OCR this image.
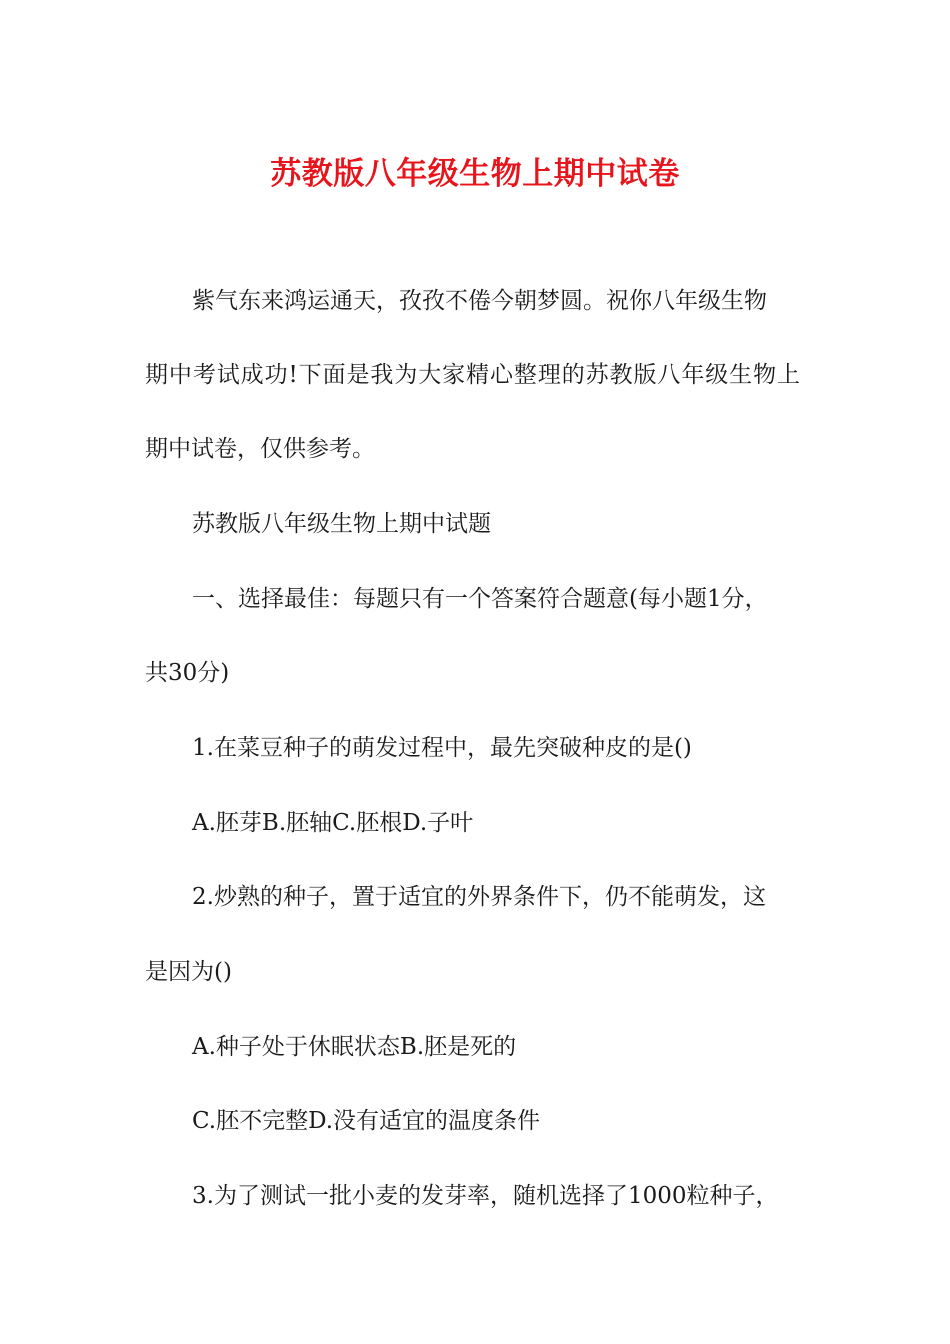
苏教版八年级生物上期中试卷

紫气东来鸿运通天，孜孜不倦今朝梦圆。祝你八年级生物

期中考试成功!下面是我为大家精心整理的苏教版八年级生物上

期中试卷，仅供参考。

苏教版八年级生物上期中试题

一、选择最佳：每题只有一个答案符合题意(每小题1分，

共30分)

1.在菜豆种子的萌发过程中，最先突破种皮的是()

A.胚芽B.胚轴C.胚根D.子叶

2.炒熟的种子，置于适宜的外界条件下，仍不能萌发，这

是因为()

A.种子处于休眠状态B.胚是死的

C.胚不完整D.没有适宜的温度条件

3.为了测试一批小麦的发芽率，随机选择了1000粒种子，
